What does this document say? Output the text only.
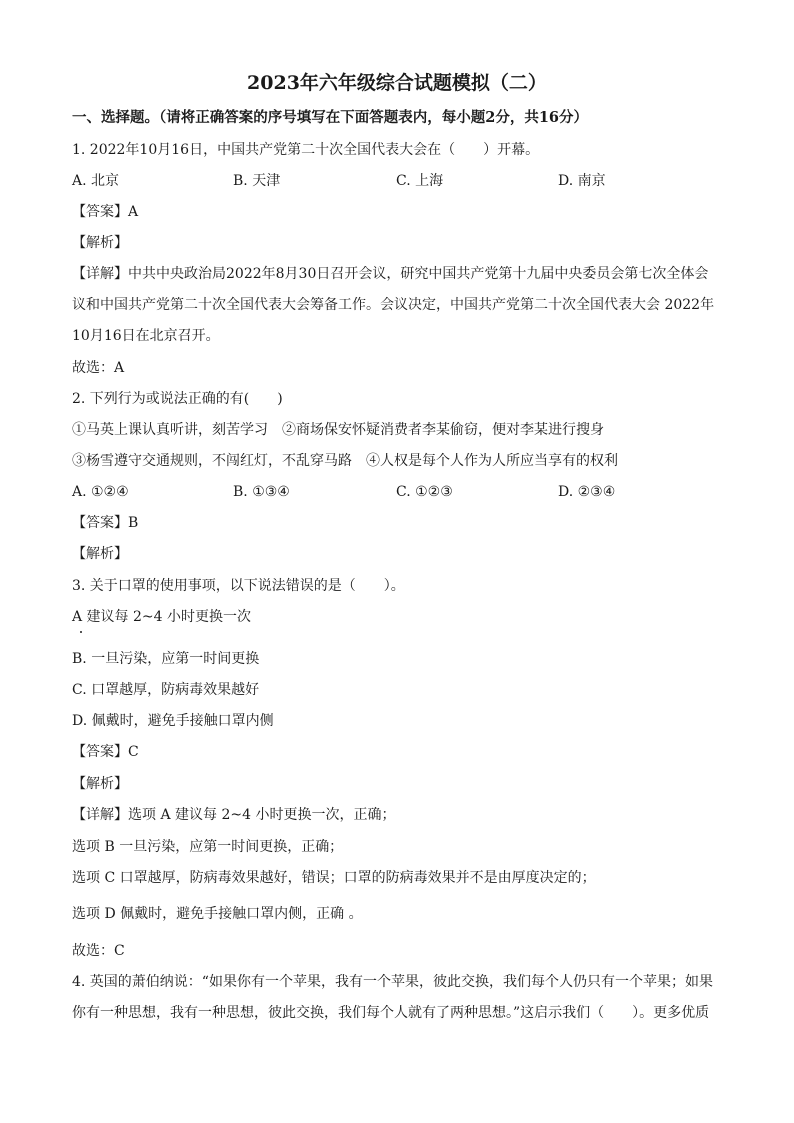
2023年六年级综合试题模拟（二）
一、选择题。（请将正确答案的序号填写在下面答题表内，每小题2分，共16分）
1. 2022年10月16日，中国共产党第二十次全国代表大会在（　　）开幕。
A. 北京	B. 天津	C. 上海	D. 南京
【答案】A
【解析】
【详解】中共中央政治局2022年8月30日召开会议，研究中国共产党第十九届中央委员会第七次全体会
议和中国共产党第二十次全国代表大会筹备工作。会议决定，中国共产党第二十次全国代表大会 2022年
10月16日在北京召开。
故选：A
2. 下列行为或说法正确的有(　　)
①马英上课认真听讲，刻苦学习　②商场保安怀疑消费者李某偷窃，便对李某进行搜身
③杨雪遵守交通规则，不闯红灯，不乱穿马路　④人权是每个人作为人所应当享有的权利
A. ①②④	B. ①③④	C. ①②③	D. ②③④
【答案】B
【解析】
3. 关于口罩的使用事项，以下说法错误的是（　　）。
A 建议每 2~4 小时更换一次
B. 一旦污染，应第一时间更换
C. 口罩越厚，防病毒效果越好
D. 佩戴时，避免手接触口罩内侧
【答案】C
【解析】
【详解】选项 A 建议每 2~4 小时更换一次，正确；
选项 B 一旦污染，应第一时间更换，正确；
选项 C 口罩越厚，防病毒效果越好，错误；口罩的防病毒效果并不是由厚度决定的；
选项 D 佩戴时，避免手接触口罩内侧，正确 。
故选：C
4. 英国的萧伯纳说：“如果你有一个苹果，我有一个苹果，彼此交换，我们每个人仍只有一个苹果；如果
你有一种思想，我有一种思想，彼此交换，我们每个人就有了两种思想。”这启示我们（　　）。更多优质
